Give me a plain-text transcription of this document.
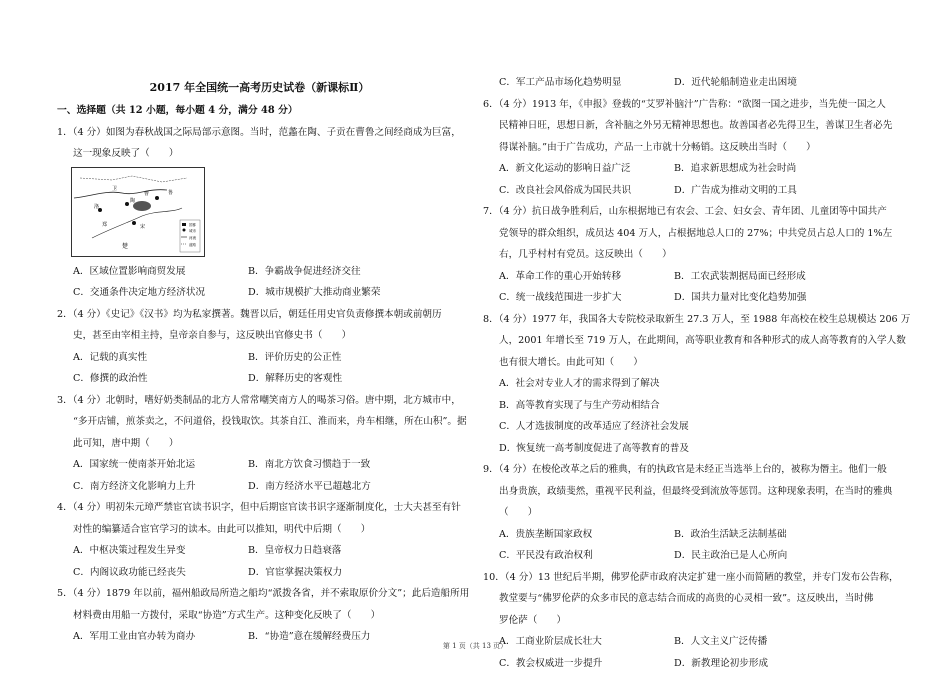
2017 年全国统一高考历史试卷（新课标Ⅱ）
一、选择题（共 12 小题，每小题 4 分，满分 48 分）
1．（4 分）如图为春秋战国之际局部示意图。当时，范蠡在陶、子贡在曹鲁之间经商成为巨富，
这一现象反映了（　　）
国都
城市
河流
道路
洛
陶
曹	鲁
宋
卫
郑
楚
A．区域位置影响商贸发展	B．争霸战争促进经济交往
C．交通条件决定地方经济状况	D．城市规模扩大推动商业繁荣
2．（4 分）《史记》《汉书》均为私家撰著。魏晋以后，朝廷任用史官负责修撰本朝或前朝历
史，甚至由宰相主持，皇帝亲自参与，这反映出官修史书（　　）
A．记载的真实性	B．评价历史的公正性
C．修撰的政治性	D．解释历史的客观性
3．（4 分）北朝时，嗜好奶类制品的北方人常常嘲笑南方人的喝茶习俗。唐中期，北方城市中，
“多开店铺，煎茶卖之，不问道俗，投钱取饮。其茶自江、淮而来，舟车相继，所在山积”。据
此可知，唐中期（　　）
A．国家统一使南茶开始北运	B．南北方饮食习惯趋于一致
C．南方经济文化影响力上升	D．南方经济水平已超越北方
4．（4 分）明初朱元璋严禁宦官读书识字，但中后期宦官读书识字逐渐制度化，士大夫甚至有针
对性的编纂适合宦官学习的读本。由此可以推知，明代中后期（　　）
A．中枢决策过程发生异变	B．皇帝权力日趋衰落
C．内阁议政功能已经丧失	D．官宦掌握决策权力
5．（4 分）1879 年以前，福州船政局所造之船均“派拨各省，并不索取原价分文”；此后造船所用
材料费由用船一方拨付，采取“协造”方式生产。这种变化反映了（　　）
A．军用工业由官办转为商办	B．“协造”意在缓解经费压力
C．军工产品市场化趋势明显	D．近代轮船制造业走出困境
6．（4 分）1913 年，《申报》登载的“艾罗补脑汁”广告称：“欲图一国之进步，当先使一国之人
民精神日旺，思想日新，含补脑之外另无精神思想也。故善国者必先得卫生，善谋卫生者必先
得谋补脑。”由于广告成功，产品一上市就十分畅销。这反映出当时（　　）
A．新文化运动的影响日益广泛	B．追求新思想成为社会时尚
C．改良社会风俗成为国民共识	D．广告成为推动文明的工具
7．（4 分）抗日战争胜利后，山东根据地已有农会、工会、妇女会、青年团、儿童团等中国共产
党领导的群众组织，成员达 404 万人，占根据地总人口的 27%；中共党员占总人口的 1%左
右，几乎村村有党员。这反映出（　　）
A．革命工作的重心开始转移	B．工农武装割据局面已经形成
C．统一战线范围进一步扩大	D．国共力量对比变化趋势加强
8．（4 分）1977 年，我国各大专院校录取新生 27.3 万人，至 1988 年高校在校生总规模达 206 万
人，2001 年增长至 719 万人，在此期间，高等职业教育和各种形式的成人高等教育的入学人数
也有很大增长。由此可知（　　）
A．社会对专业人才的需求得到了解决
B．高等教育实现了与生产劳动相结合
C．人才选拔制度的改革适应了经济社会发展
D．恢复统一高考制度促进了高等教育的普及
9．（4 分）在梭伦改革之后的雅典，有的执政官是未经正当选举上台的，被称为僭主。他们一般
出身贵族，政绩斐然，重视平民利益，但最终受到流放等惩罚。这种现象表明，在当时的雅典
（　　）
A．贵族垄断国家政权	B．政治生活缺乏法制基础
C．平民没有政治权利	D．民主政治已是人心所向
10．（4 分）13 世纪后半期，佛罗伦萨市政府决定扩建一座小而简陋的教堂，并专门发布公告称，
教堂要与“佛罗伦萨的众多市民的意志结合而成的高贵的心灵相一致”。这反映出，当时佛
罗伦萨（　　）
A．工商业阶层成长壮大	B．人文主义广泛传播
C．教会权威进一步提升	D．新教理论初步形成
第 1 页（共 13 页）
